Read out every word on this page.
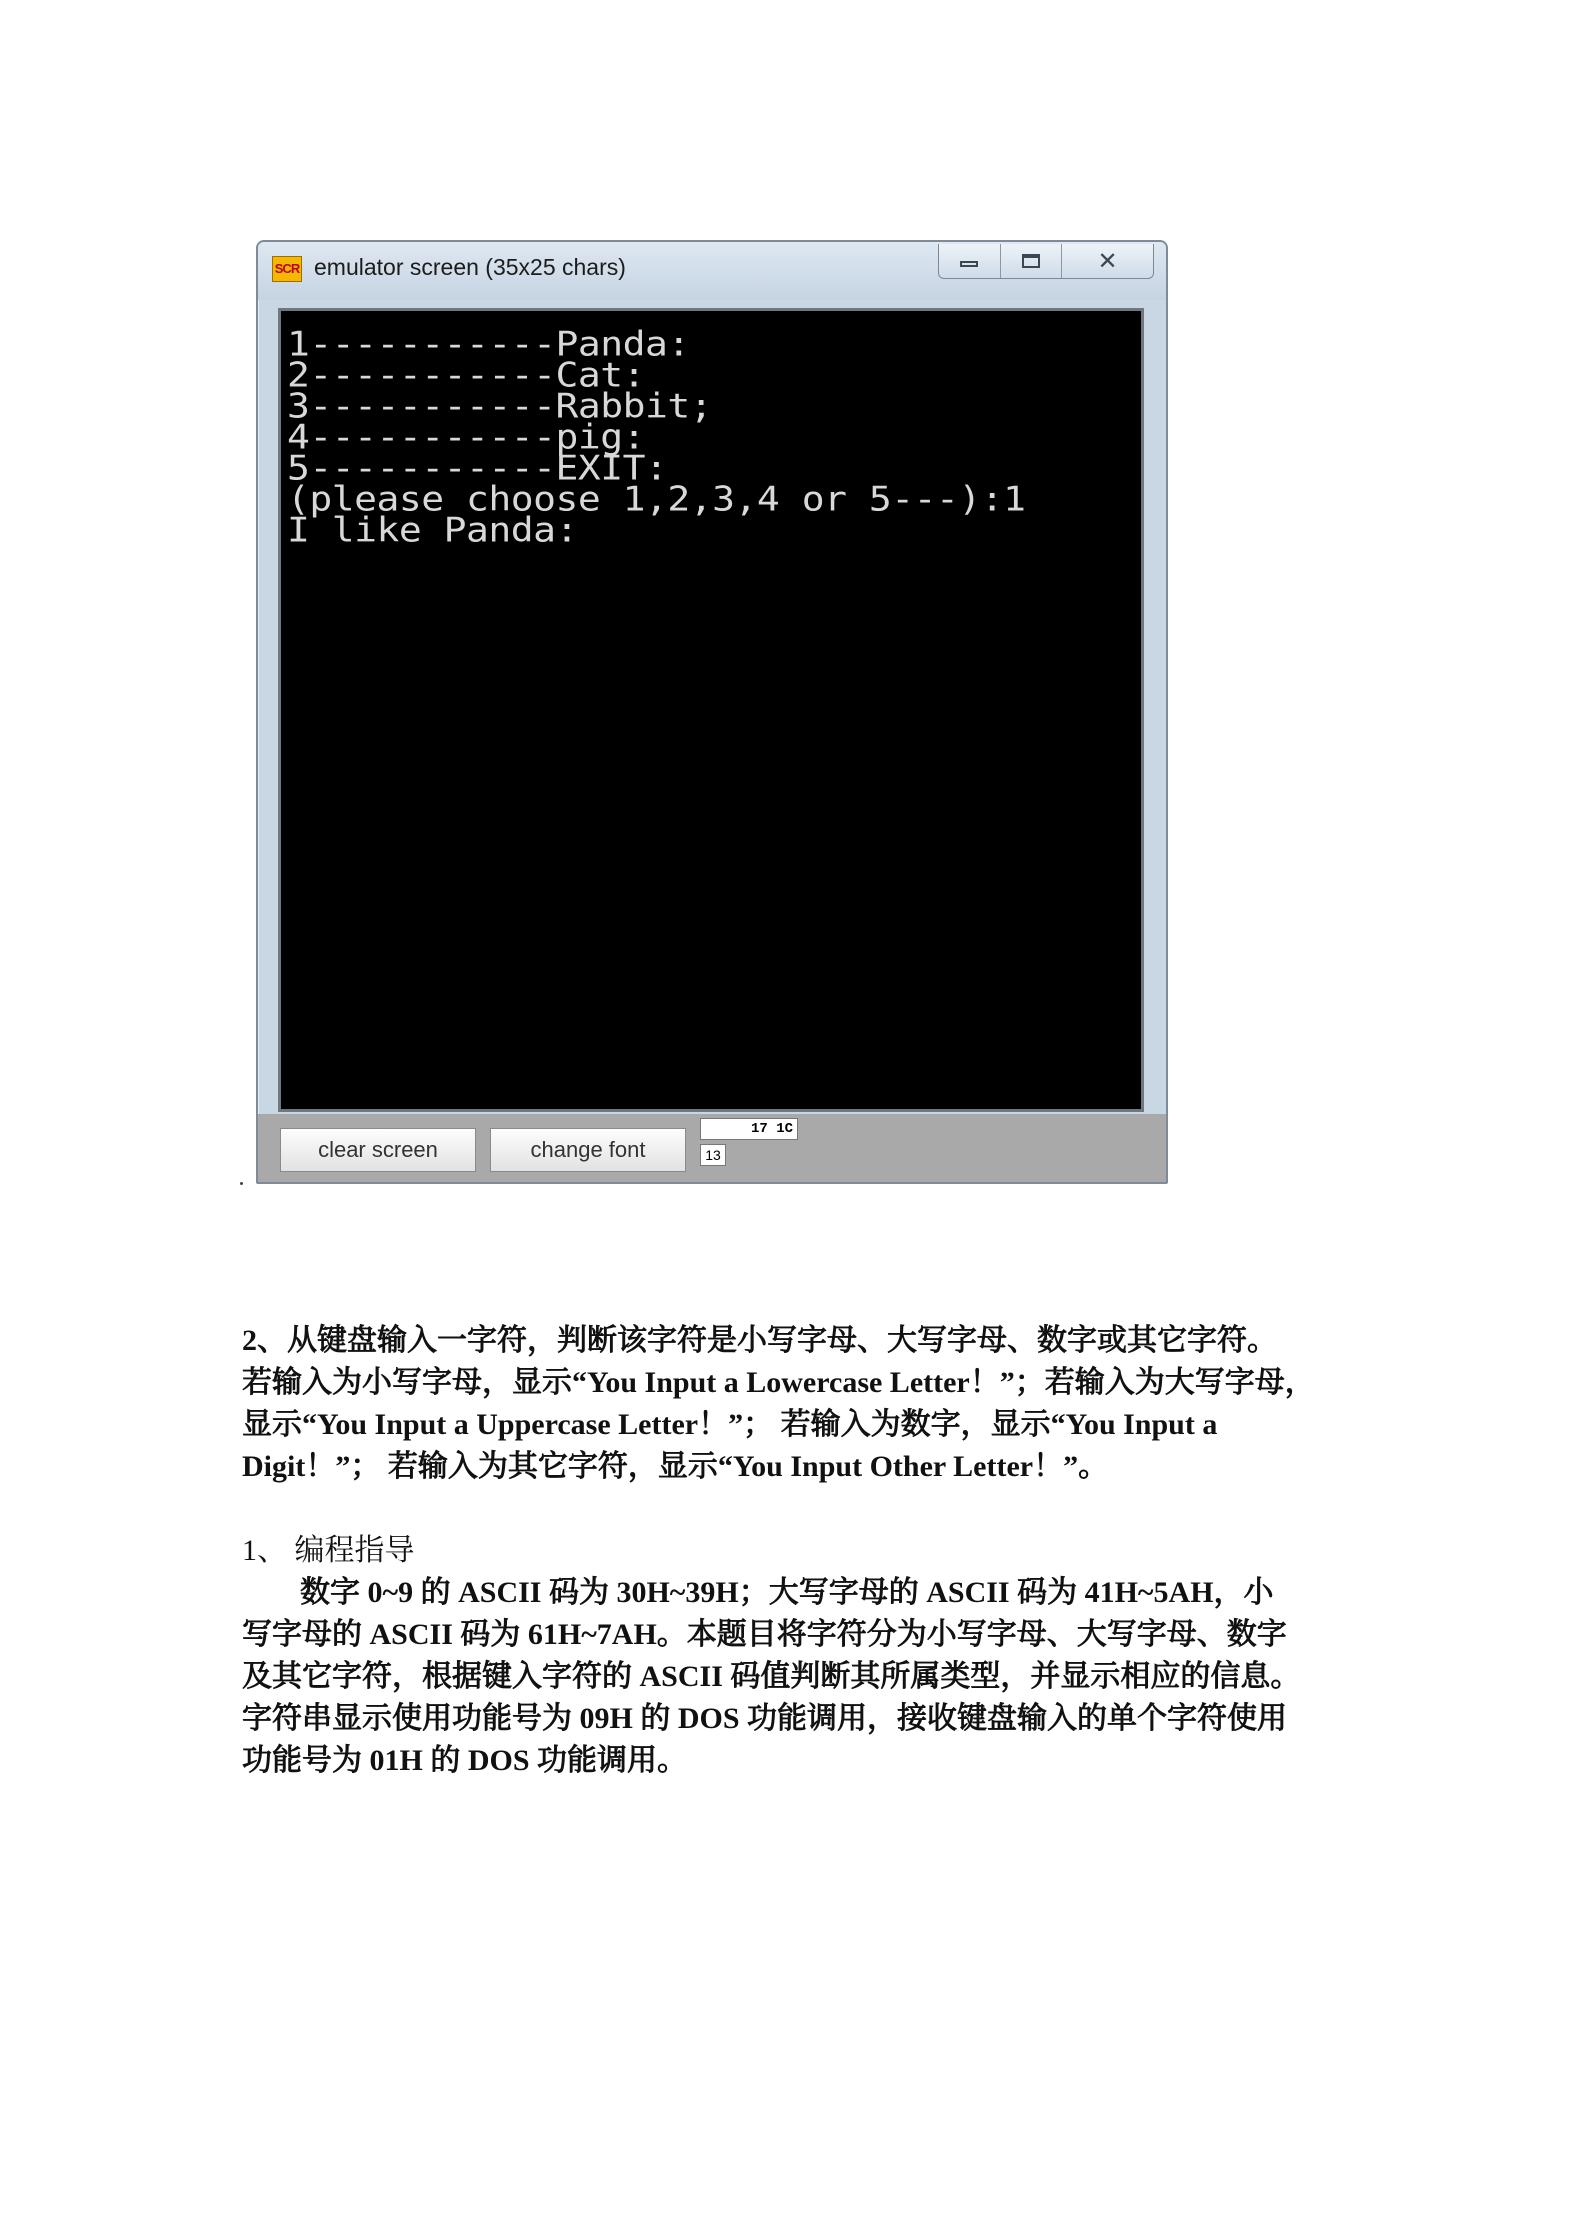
SCR emulator screen (35x25 chars)	✕
1-----------Panda:
2-----------Cat:
3-----------Rabbit;
4-----------pig:
5-----------EXIT:
(please choose 1,2,3,4 or 5---):1
I like Panda:
clear screen	change font
17 1C
13

2、从键盘输入一字符，判断该字符是小写字母、大写字母、数字或其它字符。

若输入为小写字母，显示“You Input a Lowercase Letter！”；若输入为大写字母，

显示“You Input a Uppercase Letter！”； 若输入为数字，显示“You Input a

Digit！”； 若输入为其它字符，显示“You Input Other Letter！”。

1、 编程指导

数字 0~9 的 ASCII 码为 30H~39H；大写字母的 ASCII 码为 41H~5AH，小

写字母的 ASCII 码为 61H~7AH。本题目将字符分为小写字母、大写字母、数字

及其它字符，根据键入字符的 ASCII 码值判断其所属类型，并显示相应的信息。

字符串显示使用功能号为 09H 的 DOS 功能调用，接收键盘输入的单个字符使用

功能号为 01H 的 DOS 功能调用。
